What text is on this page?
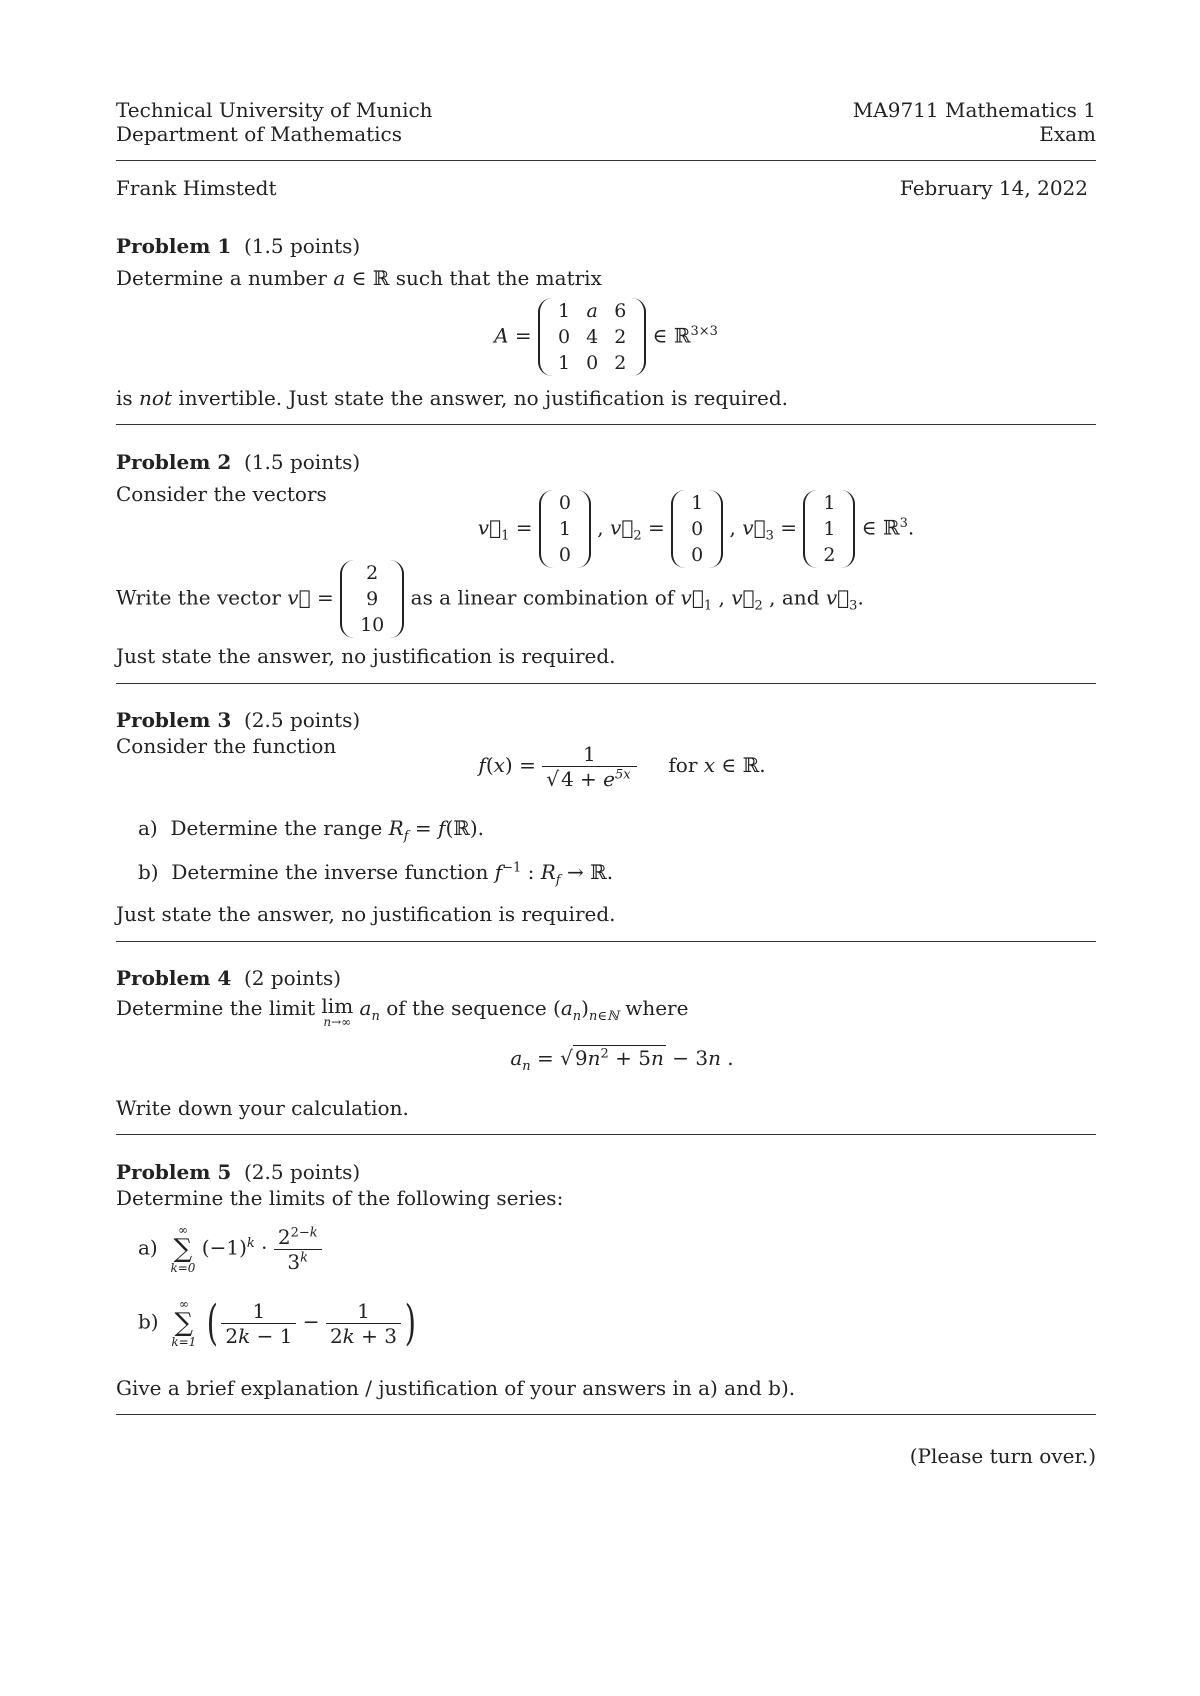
Technical University of Munich
Department of Mathematics
MA9711 Mathematics 1
Exam
Frank Himstedt	February 14, 2022
Problem 1 (1.5 points)
Determine a number a ∈ ℝ such that the matrix
A =
1	a	6
0	4	2
1	0	2
∈ ℝ$^{3\times 3}$
is not invertible. Just state the answer, no justification is required.
Problem 2 (1.5 points)
Consider the vectors
$v⃗_1$ =
0
1
0
, $v⃗_2$ =
1
0
0
, $v⃗_3$ =
1
1
2
∈ ℝ$^3$.
Write the vector v⃗ =
2
9
10
as a linear combination of $v⃗_1$ , $v⃗_2$ , and $v⃗_3$.
Just state the answer, no justification is required.
Problem 3 (2.5 points)
Consider the function
$f(x) = \frac{1}{√ 4 + e^{5x}}$ for x ∈ ℝ.
a) Determine the range $R_f$ = f(ℝ).
b) Determine the inverse function $f^{-1}$ : $R_f$ → ℝ.
Just state the answer, no justification is required.
Problem 4 (2 points)
Determine the limit lim
n→∞
$a_n$ of the sequence $(a_n)_{n\in ℕ}$ where
$a_n$ = √ $9n^2 + 5n - 3n$ .
Write down your calculation.
Problem 5 (2.5 points)
Determine the limits of the following series:
a)
∞
∑
k=0
$(-1)^k \cdot \frac{2^{2-k}}{3^k}$
b)
∞
∑
k=1 ( $\frac{1}{2k - 1} - \frac{1}{2k + 3}$ )
Give a brief explanation / justification of your answers in a) and b).
(Please turn over.)
